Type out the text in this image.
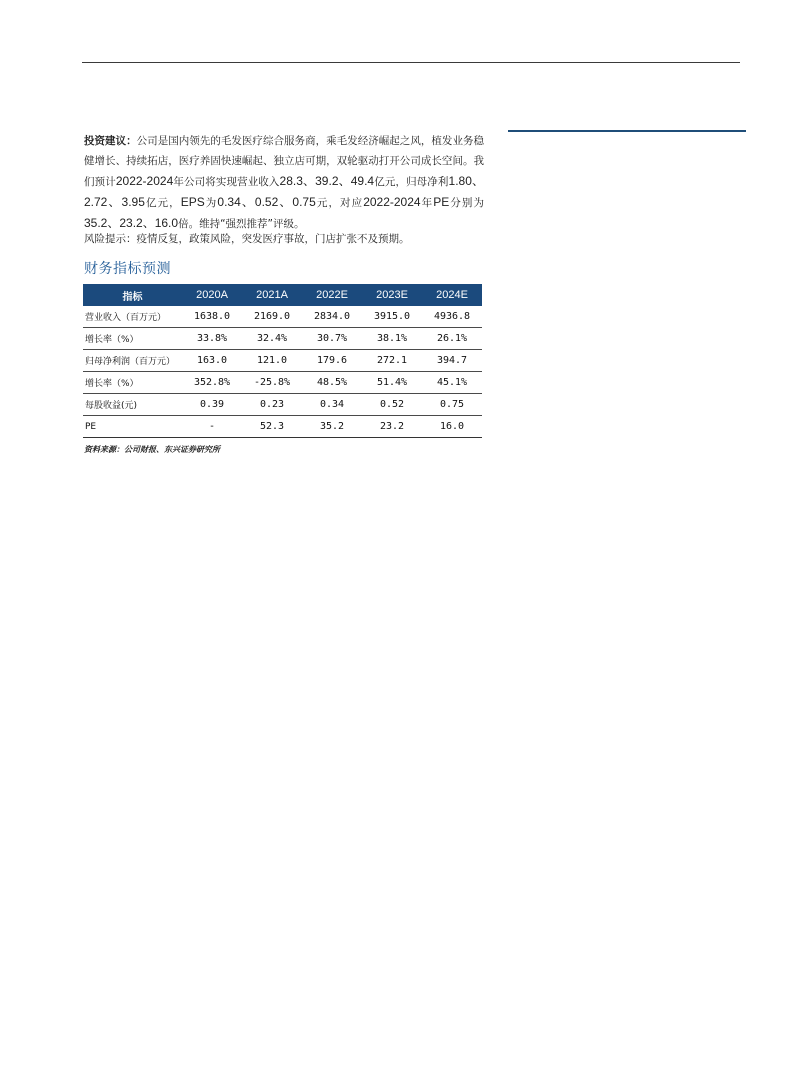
投资建议：公司是国内领先的毛发医疗综合服务商，乘毛发经济崛起之风，植发业务稳健增长、持续拓店，医疗养固快速崛起、独立店可期，双轮驱动打开公司成长空间。我们预计2022-2024年公司将实现营业收入28.3、39.2、49.4亿元，归母净利1.80、2.72、3.95亿元，EPS为0.34、0.52、0.75元，对应2022-2024年PE分别为35.2、23.2、16.0倍。维持“强烈推荐”评级。
风险提示：疫情反复，政策风险，突发医疗事故，门店扩张不及预期。
财务指标预测
指标	2020A	2021A	2022E	2023E	2024E
营业收入（百万元）	1638.0	2169.0	2834.0	3915.0	4936.8
增长率（%）	33.8%	32.4%	30.7%	38.1%	26.1%
归母净利润（百万元）	163.0	121.0	179.6	272.1	394.7
增长率（%）	352.8%	-25.8%	48.5%	51.4%	45.1%
每股收益(元)	0.39	0.23	0.34	0.52	0.75
PE	-	52.3	35.2	23.2	16.0
资料来源：公司财报、东兴证券研究所
